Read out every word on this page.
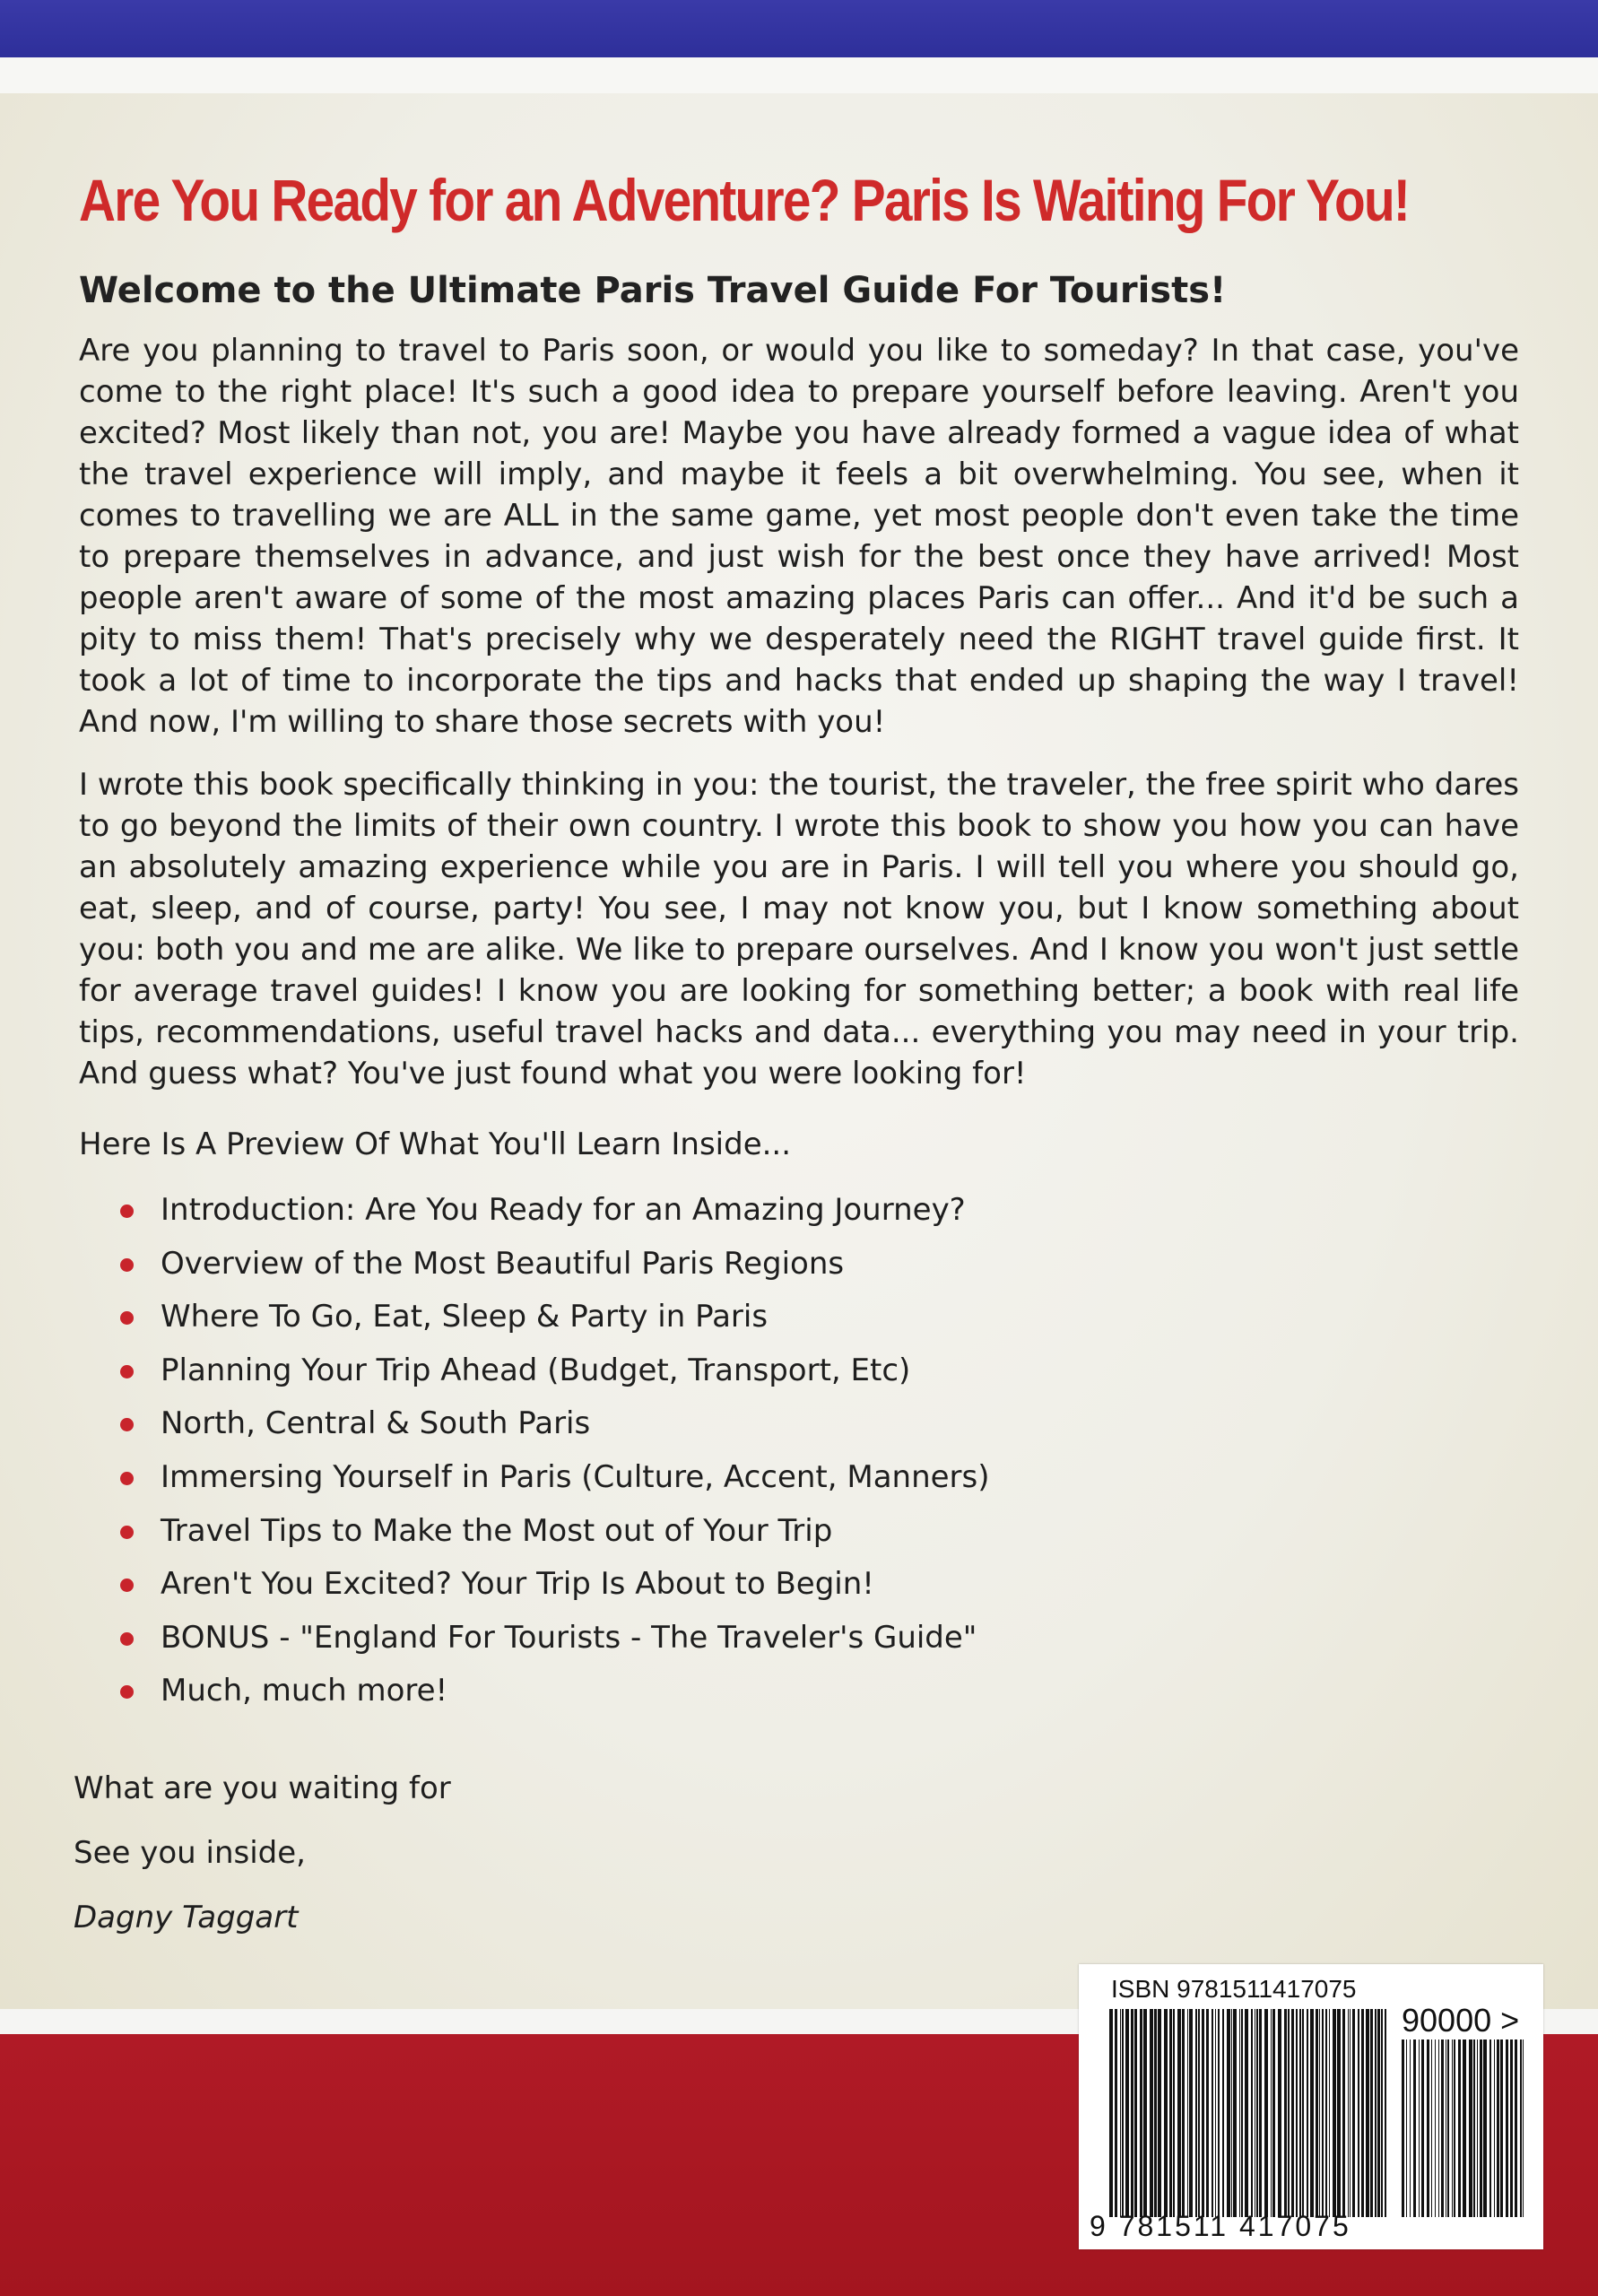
Are You Ready for an Adventure? Paris Is Waiting For You!
Welcome to the Ultimate Paris Travel Guide For Tourists!

Are you planning to travel to Paris soon, or would you like to someday? In that case, you've come to the right place! It's such a good idea to prepare yourself before leaving. Aren't you excited? Most likely than not, you are! Maybe you have already formed a vague idea of what the travel experience will imply, and maybe it feels a bit overwhelming. You see, when it comes to travelling we are ALL in the same game, yet most people don't even take the time to prepare themselves in advance, and just wish for the best once they have arrived! Most people aren't aware of some of the most amazing places Paris can offer... And it'd be such a pity to miss them! That's precisely why we desperately need the RIGHT travel guide first. It took a lot of time to incorporate the tips and hacks that ended up shaping the way I travel! And now, I'm willing to share those secrets with you!

I wrote this book specifically thinking in you: the tourist, the traveler, the free spirit who dares to go beyond the limits of their own country. I wrote this book to show you how you can have an absolutely amazing experience while you are in Paris. I will tell you where you should go, eat, sleep, and of course, party! You see, I may not know you, but I know something about you: both you and me are alike. We like to prepare ourselves. And I know you won't just settle for average travel guides! I know you are looking for something better; a book with real life tips, recommendations, useful travel hacks and data... everything you may need in your trip. And guess what? You've just found what you were looking for!

Here Is A Preview Of What You'll Learn Inside...

Introduction: Are You Ready for an Amazing Journey?
Overview of the Most Beautiful Paris Regions
Where To Go, Eat, Sleep & Party in Paris
Planning Your Trip Ahead (Budget, Transport, Etc)
North, Central & South Paris
Immersing Yourself in Paris (Culture, Accent, Manners)
Travel Tips to Make the Most out of Your Trip
Aren't You Excited? Your Trip Is About to Begin!
BONUS - "England For Tourists - The Traveler's Guide"
Much, much more!
What are you waiting for
See you inside,
Dagny Taggart
ISBN 9781511417075
90000 >
9 781511 417075
